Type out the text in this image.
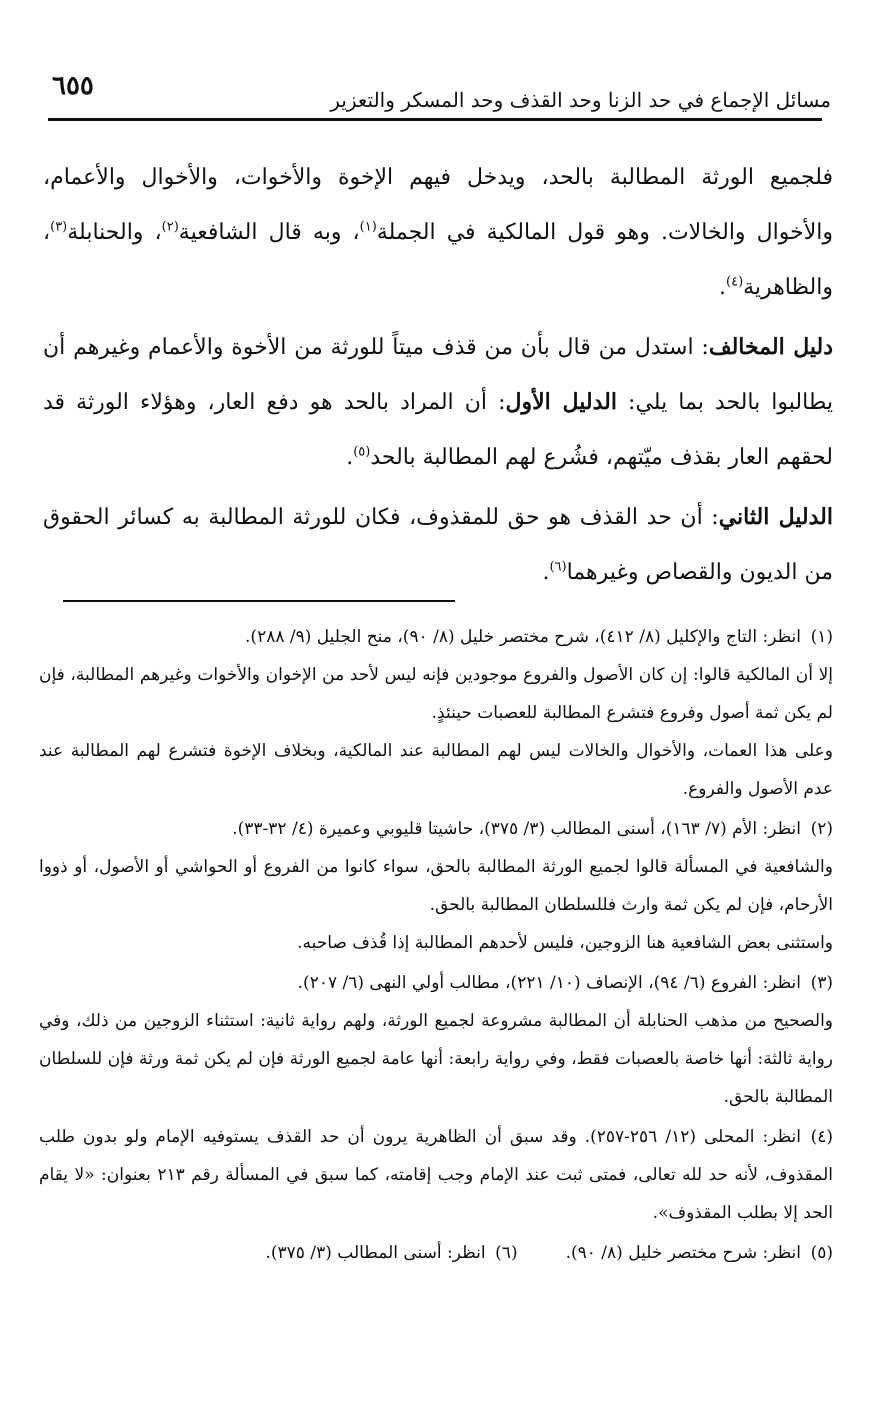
مسائل الإجماع في حد الزنا وحد القذف وحد المسكر والتعزير
٦٥٥

فلجميع الورثة المطالبة بالحد، ويدخل فيهم الإخوة والأخوات، والأخوال والأعمام، والأخوال والخالات. وهو قول المالكية في الجملة$^{(١)}$، وبه قال الشافعية$^{(٢)}$، والحنابلة$^{(٣)}$، والظاهرية$^{(٤)}$.

دليل المخالف: استدل من قال بأن من قذف ميتاً للورثة من الأخوة والأعمام وغيرهم أن يطالبوا بالحد بما يلي: الدليل الأول: أن المراد بالحد هو دفع العار، وهؤلاء الورثة قد لحقهم العار بقذف ميّتهم، فشُرع لهم المطالبة بالحد$^{(٥)}$.

الدليل الثاني: أن حد القذف هو حق للمقذوف، فكان للورثة المطالبة به كسائر الحقوق من الديون والقصاص وغيرهما$^{(٦)}$.

(١)انظر: التاج والإكليل (٨/ ٤١٢)، شرح مختصر خليل (٨/ ٩٠)، منح الجليل (٩/ ٢٨٨).
إلا أن المالكية قالوا: إن كان الأصول والفروع موجودين فإنه ليس لأحد من الإخوان والأخوات وغيرهم المطالبة، فإن لم يكن ثمة أصول وفروع فتشرع المطالبة للعصبات حينئذٍ.
وعلى هذا العمات، والأخوال والخالات ليس لهم المطالبة عند المالكية، وبخلاف الإخوة فتشرع لهم المطالبة عند عدم الأصول والفروع.
(٢)انظر: الأم (٧/ ١٦٣)، أسنى المطالب (٣/ ٣٧٥)، حاشيتا قليوبي وعميرة (٤/ ٣٢-٣٣).
والشافعية في المسألة قالوا لجميع الورثة المطالبة بالحق، سواء كانوا من الفروع أو الحواشي أو الأصول، أو ذووا الأرحام، فإن لم يكن ثمة وارث فللسلطان المطالبة بالحق.
واستثنى بعض الشافعية هنا الزوجين، فليس لأحدهم المطالبة إذا قُذف صاحبه.
(٣)انظر: الفروع (٦/ ٩٤)، الإنصاف (١٠/ ٢٢١)، مطالب أولي النهى (٦/ ٢٠٧).
والصحيح من مذهب الحنابلة أن المطالبة مشروعة لجميع الورثة، ولهم رواية ثانية: استثناء الزوجين من ذلك، وفي رواية ثالثة: أنها خاصة بالعصبات فقط، وفي رواية رابعة: أنها عامة لجميع الورثة فإن لم يكن ثمة ورثة فإن للسلطان المطالبة بالحق.
(٤)انظر: المحلى (١٢/ ٢٥٦-٢٥٧). وقد سبق أن الظاهرية يرون أن حد القذف يستوفيه الإمام ولو بدون طلب المقذوف، لأنه حد لله تعالى، فمتى ثبت عند الإمام وجب إقامته، كما سبق في المسألة رقم ٢١٣ بعنوان: «لا يقام الحد إلا بطلب المقذوف».
(٥)انظر: شرح مختصر خليل (٨/ ٩٠).
(٦)انظر: أسنى المطالب (٣/ ٣٧٥).
